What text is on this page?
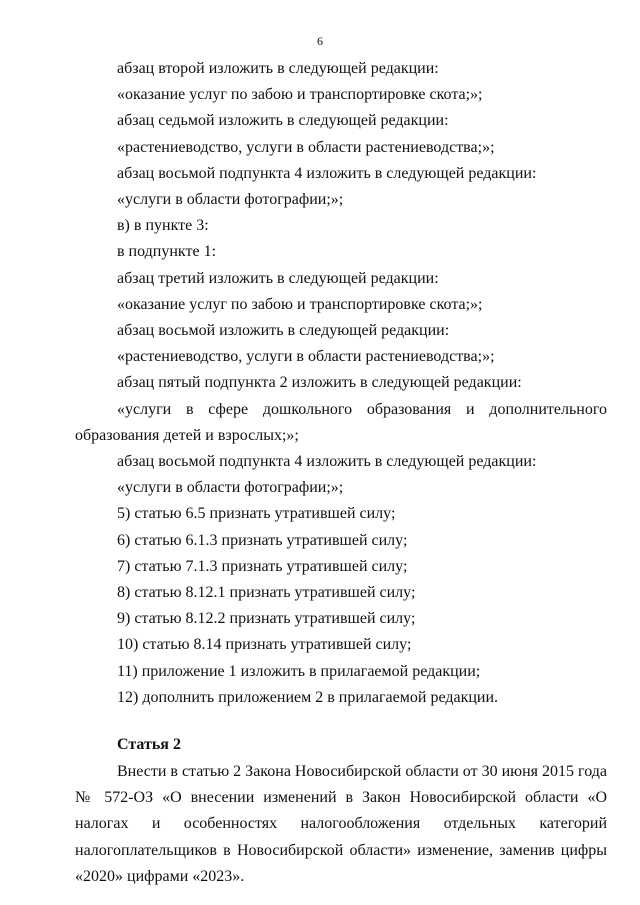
6

абзац второй изложить в следующей редакции:

«оказание услуг по забою и транспортировке скота;»;

абзац седьмой изложить в следующей редакции:

«растениеводство, услуги в области растениеводства;»;

абзац восьмой подпункта 4 изложить в следующей редакции:

«услуги в области фотографии;»;

в) в пункте 3:

в подпункте 1:

абзац третий изложить в следующей редакции:

«оказание услуг по забою и транспортировке скота;»;

абзац восьмой изложить в следующей редакции:

«растениеводство, услуги в области растениеводства;»;

абзац пятый подпункта 2 изложить в следующей редакции:

«услуги в сфере дошкольного образования и дополнительного образования детей и взрослых;»;

абзац восьмой подпункта 4 изложить в следующей редакции:

«услуги в области фотографии;»;

5) статью 6.5 признать утратившей силу;

6) статью 6.1.3 признать утратившей силу;

7) статью 7.1.3 признать утратившей силу;

8) статью 8.12.1 признать утратившей силу;

9) статью 8.12.2 признать утратившей силу;

10) статью 8.14 признать утратившей силу;

11) приложение 1 изложить в прилагаемой редакции;

12) дополнить приложением 2 в прилагаемой редакции.

Статья 2

Внести в статью 2 Закона Новосибирской области от 30 июня 2015 года № 572-ОЗ «О внесении изменений в Закон Новосибирской области «О налогах и особенностях налогообложения отдельных категорий налогоплательщиков в Новосибирской области» изменение, заменив цифры «2020» цифрами «2023».
